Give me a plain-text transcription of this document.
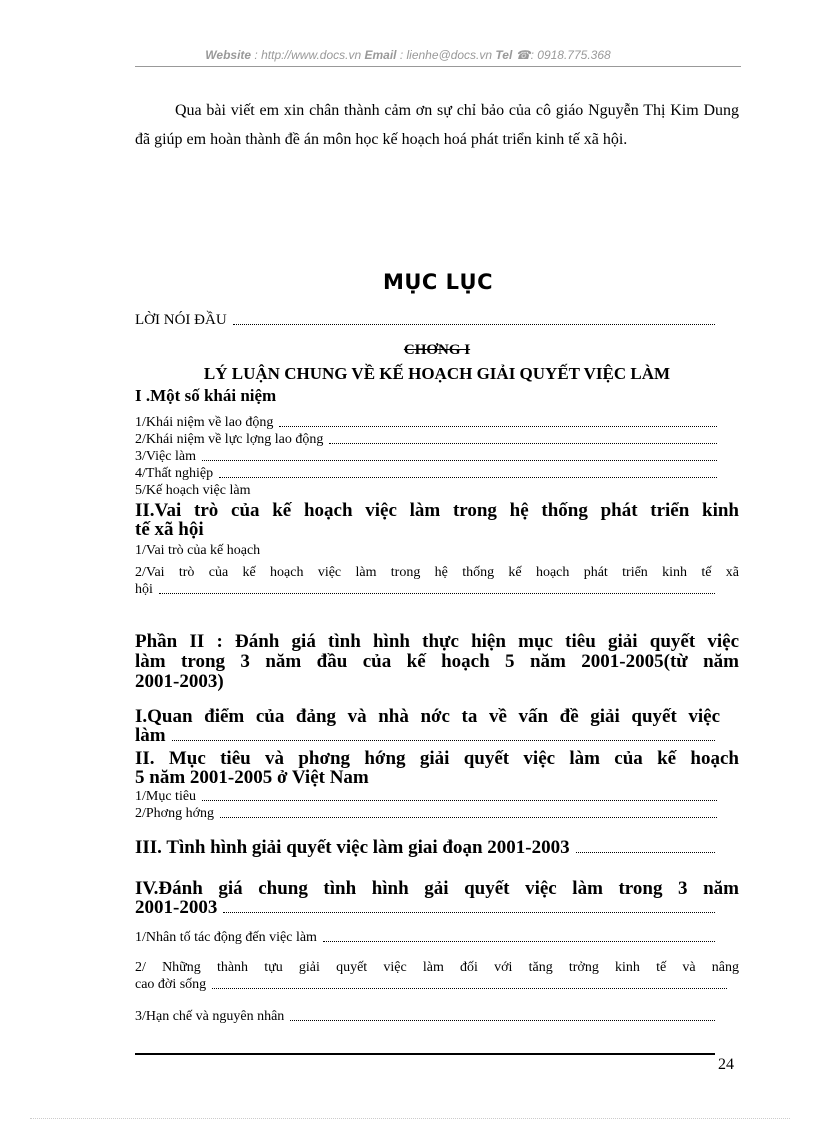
Website : http://www.docs.vn Email : lienhe@docs.vn Tel ☎: 0918.775.368
Qua bài viết em xin chân thành cảm ơn sự chỉ bảo của cô giáo Nguyễn Thị Kim Dung đã giúp em hoàn thành đề án môn học kế hoạch hoá phát triển kinh tế xã hội.
MỤC LỤC
LỜI NÓI ĐẦU
CHƠNG I
LÝ LUẬN CHUNG VỀ KẾ HOẠCH GIẢI QUYẾT VIỆC LÀM
I .Một số khái niệm
1/Khái niệm về lao động
2/Khái niệm về lực lợng lao động
3/Việc làm
4/Thất nghiệp
5/Kế hoạch việc làm
II.Vai trò của kế hoạch việc làm trong hệ thống phát triển kinh
tế xã hội
1/Vai trò của kế hoạch
2/Vai trò của kế hoạch việc làm trong hệ thống kế hoạch phát triển kinh tế xã
hội
Phần II : Đánh giá tình hình thực hiện mục tiêu giải quyết việc
làm trong 3 năm đầu của kế hoạch 5 năm 2001-2005(từ năm
2001-2003)
I.Quan điểm của đảng và nhà nớc ta về vấn đề giải quyết việc
làm
II. Mục tiêu và phơng hớng giải quyết việc làm của kế hoạch
5 năm 2001-2005 ở Việt Nam
1/Mục tiêu
2/Phơng hớng
III. Tình hình giải quyết việc làm giai đoạn 2001-2003
IV.Đánh giá chung tình hình gải quyết việc làm trong 3 năm
2001-2003
1/Nhân tố tác động đến việc làm
2/ Những thành tựu giải quyết việc làm đối với tăng trởng kinh tế và nâng
cao đời sống
3/Hạn chế và nguyên nhân
24
